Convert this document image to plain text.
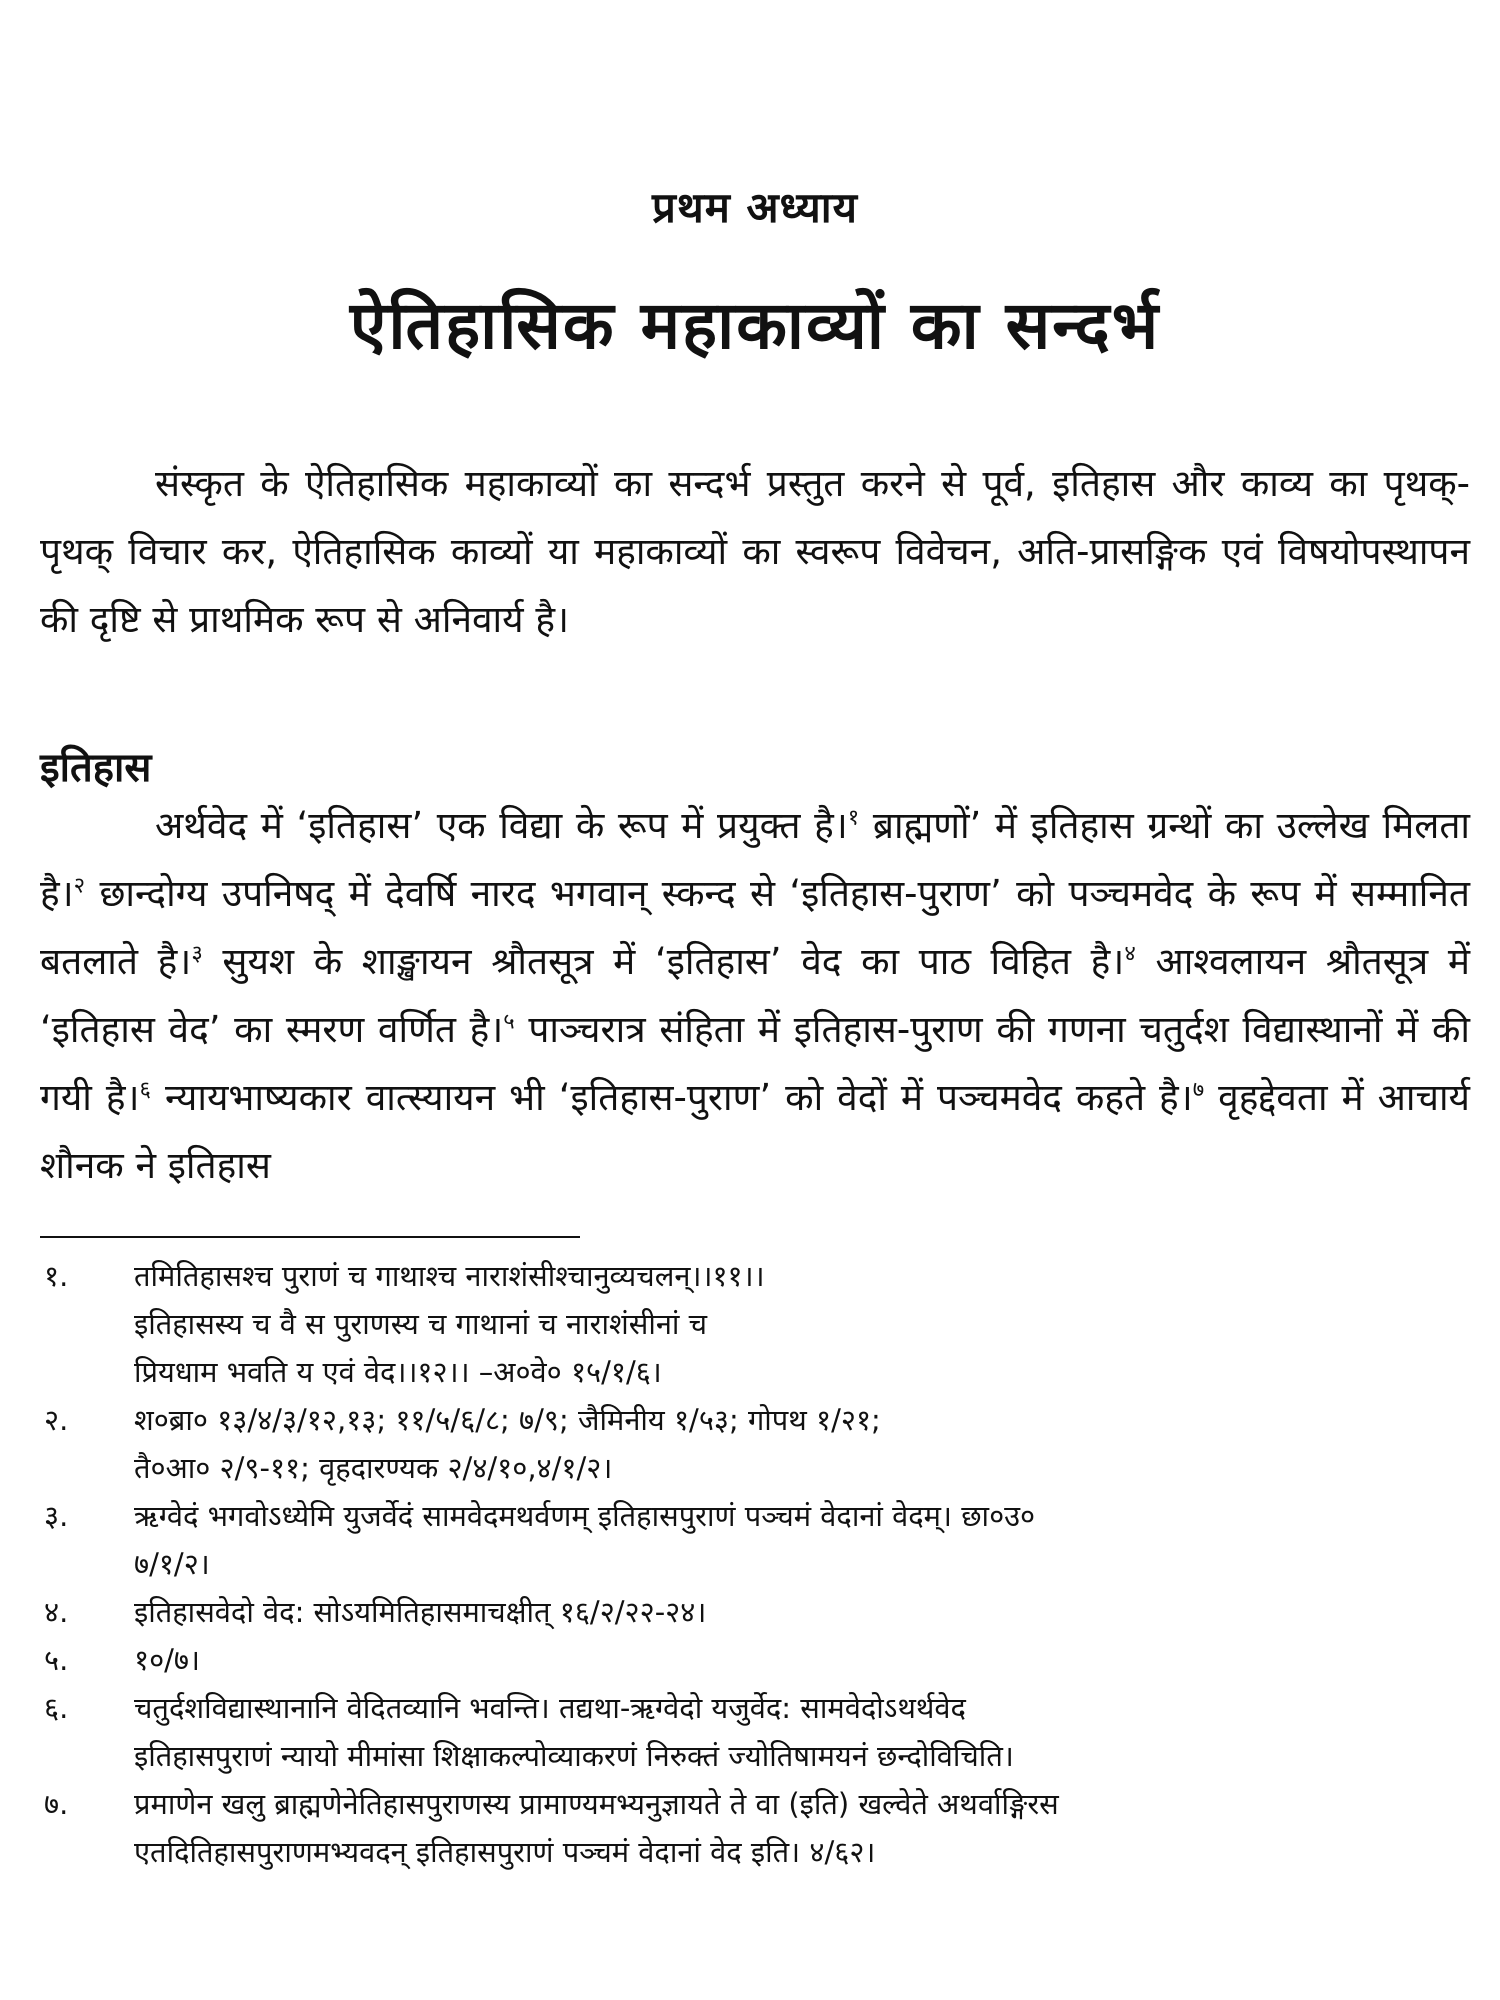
प्रथम अध्याय
ऐतिहासिक महाकाव्यों का सन्दर्भ

संस्कृत के ऐतिहासिक महाकाव्यों का सन्दर्भ प्रस्तुत करने से पूर्व, इतिहास और काव्य का पृथक्-पृथक् विचार कर, ऐतिहासिक काव्यों या महाकाव्यों का स्वरूप विवेचन, अति-प्रासङ्गिक एवं विषयोपस्थापन की दृष्टि से प्राथमिक रूप से अनिवार्य है।

इतिहास

अर्थवेद में ‘इतिहास’ एक विद्या के रूप में प्रयुक्त है।$^१$ ब्राह्मणों’ में इतिहास ग्रन्थों का उल्लेख मिलता है।$^२$ छान्दोग्य उपनिषद् में देवर्षि नारद भगवान् स्कन्द से ‘इतिहास-पुराण’ को पञ्चमवेद के रूप में सम्मानित बतलाते है।$^३$ सुयश के शाङ्खायन श्रौतसूत्र में ‘इतिहास’ वेद का पाठ विहित है।$^४$ आश्वलायन श्रौतसूत्र में ‘इतिहास वेद’ का स्मरण वर्णित है।$^५$ पाञ्चरात्र संहिता में इतिहास-पुराण की गणना चतुर्दश विद्यास्थानों में की गयी है।$^६$ न्यायभाष्यकार वात्स्यायन भी ‘इतिहास-पुराण’ को वेदों में पञ्चमवेद कहते है।$^७$ वृहद्देवता में आचार्य शौनक ने इतिहास

१.	तमितिहासश्च पुराणं च गाथाश्च नाराशंसीश्चानुव्यचलन्।।११।।
इतिहासस्य च वै स पुराणस्य च गाथानां च नाराशंसीनां च
प्रियधाम भवति य एवं वेद।।१२।। –अ०वे० १५/१/६।
२.	श०ब्रा० १३/४/३/१२,१३; ११/५/६/८; ७/९; जैमिनीय १/५३; गोपथ १/२१;
तै०आ० २/९-११; वृहदारण्यक २/४/१०,४/१/२।
३.	ऋग्वेदं भगवोऽध्येमि युजर्वेदं सामवेदमथर्वणम् इतिहासपुराणं पञ्चमं वेदानां वेदम्। छा०उ०
७/१/२।
४.	इतिहासवेदो वेद: सोऽयमितिहासमाचक्षीत् १६/२/२२-२४।
५.	१०/७।
६.	चतुर्दशविद्यास्थानानि वेदितव्यानि भवन्ति। तद्यथा-ऋग्वेदो यजुर्वेद: सामवेदोऽथर्थवेद
इतिहासपुराणं न्यायो मीमांसा शिक्षाकल्पोव्याकरणं निरुक्तं ज्योतिषामयनं छन्दोविचिति।
७.	प्रमाणेन खलु ब्राह्मणेनेतिहासपुराणस्य प्रामाण्यमभ्यनुज्ञायते ते वा (इति) खल्वेते अथर्वाङ्गिरस
एतदितिहासपुराणमभ्यवदन् इतिहासपुराणं पञ्चमं वेदानां वेद इति। ४/६२।
